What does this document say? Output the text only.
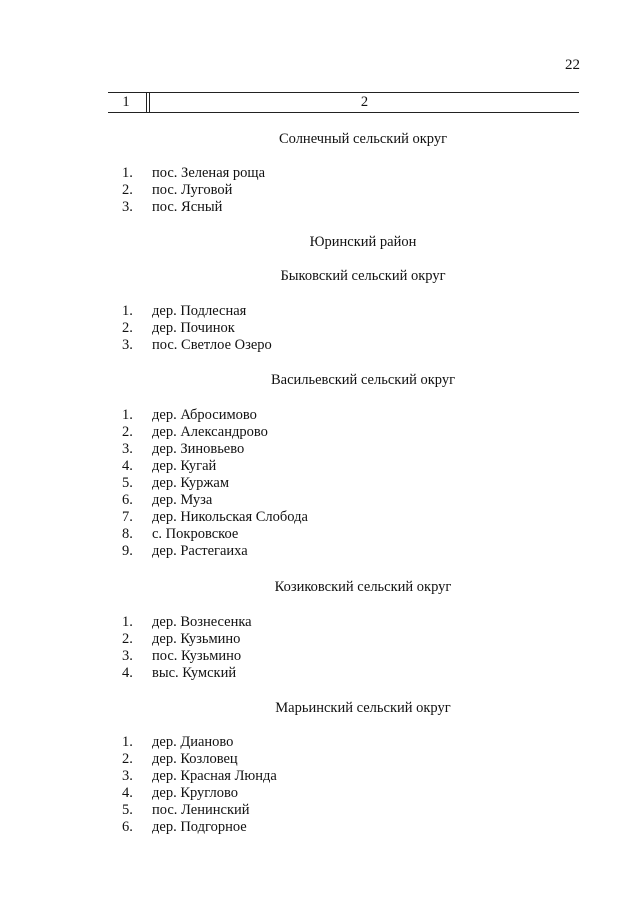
22
1	2
Солнечный сельский округ
1. пос. Зеленая роща
2. пос. Луговой
3. пос. Ясный
Юринский район
Быковский сельский округ
1. дер. Подлесная
2. дер. Починок
3. пос. Светлое Озеро
Васильевский сельский округ
1. дер. Абросимово
2. дер. Александрово
3. дер. Зиновьево
4. дер. Кугай
5. дер. Куржам
6. дер. Муза
7. дер. Никольская Слобода
8. с. Покровское
9. дер. Растегаиха
Козиковский сельский округ
1. дер. Вознесенка
2. дер. Кузьмино
3. пос. Кузьмино
4. выс. Кумский
Марьинский сельский округ
1. дер. Дианово
2. дер. Козловец
3. дер. Красная Люнда
4. дер. Круглово
5. пос. Ленинский
6. дер. Подгорное
